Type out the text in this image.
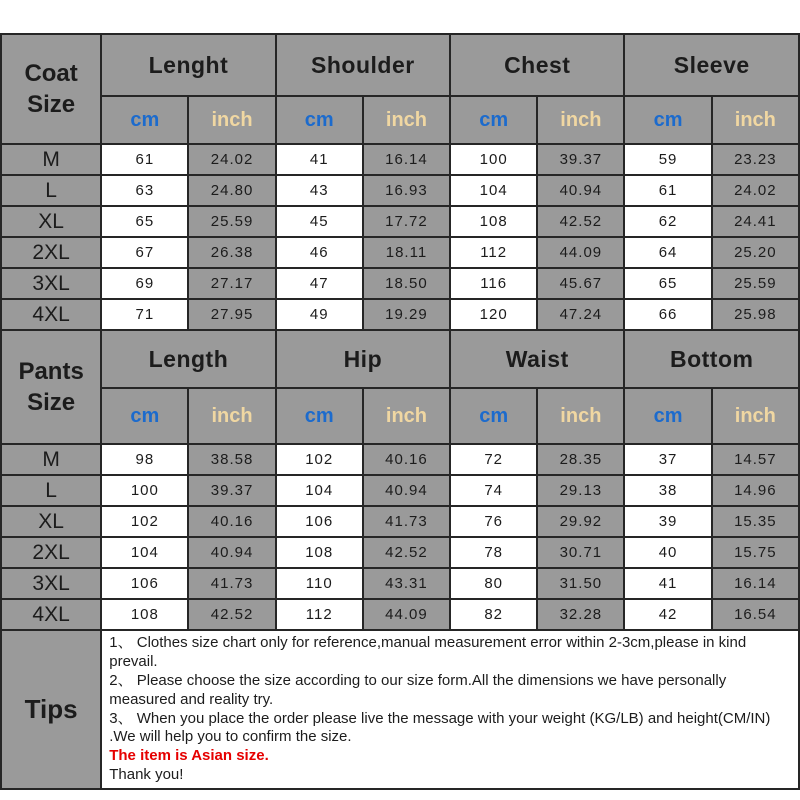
Coat Size	Lenght		Shoulder		Chest		Sleeve	
	cm	inch	cm	inch	cm	inch	cm	inch
M	61	24.02	41	16.14	100	39.37	59	23.23
L	63	24.80	43	16.93	104	40.94	61	24.02
XL	65	25.59	45	17.72	108	42.52	62	24.41
2XL	67	26.38	46	18.11	112	44.09	64	25.20
3XL	69	27.17	47	18.50	116	45.67	65	25.59
4XL	71	27.95	49	19.29	120	47.24	66	25.98
Pants Size	Length		Hip		Waist		Bottom	
	cm	inch	cm	inch	cm	inch	cm	inch
M	98	38.58	102	40.16	72	28.35	37	14.57
L	100	39.37	104	40.94	74	29.13	38	14.96
XL	102	40.16	106	41.73	76	29.92	39	15.35
2XL	104	40.94	108	42.52	78	30.71	40	15.75
3XL	106	41.73	110	43.31	80	31.50	41	16.14
4XL	108	42.52	112	44.09	82	32.28	42	16.54
Tips	1、 Clothes size chart only for reference,manual measurement error within 2-3cm,please in kind prevail.

2、 Please choose the size according to our size form.All the dimensions we have personally measured and reality try.

3、 When you place the order please live the message with your weight (KG/LB) and height(CM/IN) .We will help you to confirm the size.

The item is Asian size.

Thank you!							
